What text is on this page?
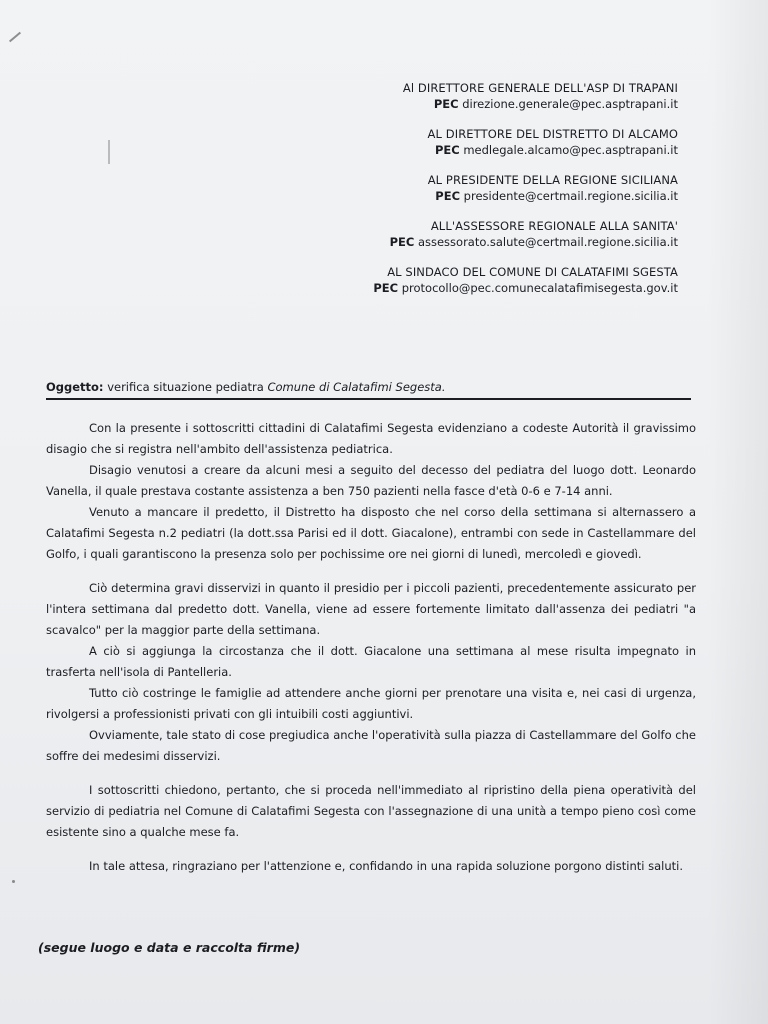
Al DIRETTORE GENERALE DELL'ASP DI TRAPANI
PEC direzione.generale@pec.asptrapani.it
AL DIRETTORE DEL DISTRETTO DI ALCAMO
PEC medlegale.alcamo@pec.asptrapani.it
AL PRESIDENTE DELLA REGIONE SICILIANA
PEC presidente@certmail.regione.sicilia.it
ALL'ASSESSORE REGIONALE ALLA SANITA'
PEC assessorato.salute@certmail.regione.sicilia.it
AL SINDACO DEL COMUNE DI CALATAFIMI SGESTA
PEC protocollo@pec.comunecalatafimisegesta.gov.it
Oggetto: verifica situazione pediatra Comune di Calatafimi Segesta.

Con la presente i sottoscritti cittadini di Calatafimi Segesta evidenziano a codeste Autorità il gravissimo disagio che si registra nell'ambito dell'assistenza pediatrica.

Disagio venutosi a creare da alcuni mesi a seguito del decesso del pediatra del luogo dott. Leonardo Vanella, il quale prestava costante assistenza a ben 750 pazienti nella fasce d'età 0-6 e 7-14 anni.

Venuto a mancare il predetto, il Distretto ha disposto che nel corso della settimana si alternassero a Calatafimi Segesta n.2 pediatri (la dott.ssa Parisi ed il dott. Giacalone), entrambi con sede in Castellammare del Golfo, i quali garantiscono la presenza solo per pochissime ore nei giorni di lunedì, mercoledì e giovedì.

Ciò determina gravi disservizi in quanto il presidio per i piccoli pazienti, precedentemente assicurato per l'intera settimana dal predetto dott. Vanella, viene ad essere fortemente limitato dall'assenza dei pediatri "a scavalco" per la maggior parte della settimana.

A ciò si aggiunga la circostanza che il dott. Giacalone una settimana al mese risulta impegnato in trasferta nell'isola di Pantelleria.

Tutto ciò costringe le famiglie ad attendere anche giorni per prenotare una visita e, nei casi di urgenza, rivolgersi a professionisti privati con gli intuibili costi aggiuntivi.

Ovviamente, tale stato di cose pregiudica anche l'operatività sulla piazza di Castellammare del Golfo che soffre dei medesimi disservizi.

I sottoscritti chiedono, pertanto, che si proceda nell'immediato al ripristino della piena operatività del servizio di pediatria nel Comune di Calatafimi Segesta con l'assegnazione di una unità a tempo pieno così come esistente sino a qualche mese fa.

In tale attesa, ringraziano per l'attenzione e, confidando in una rapida soluzione porgono distinti saluti.

(segue luogo e data e raccolta firme)
